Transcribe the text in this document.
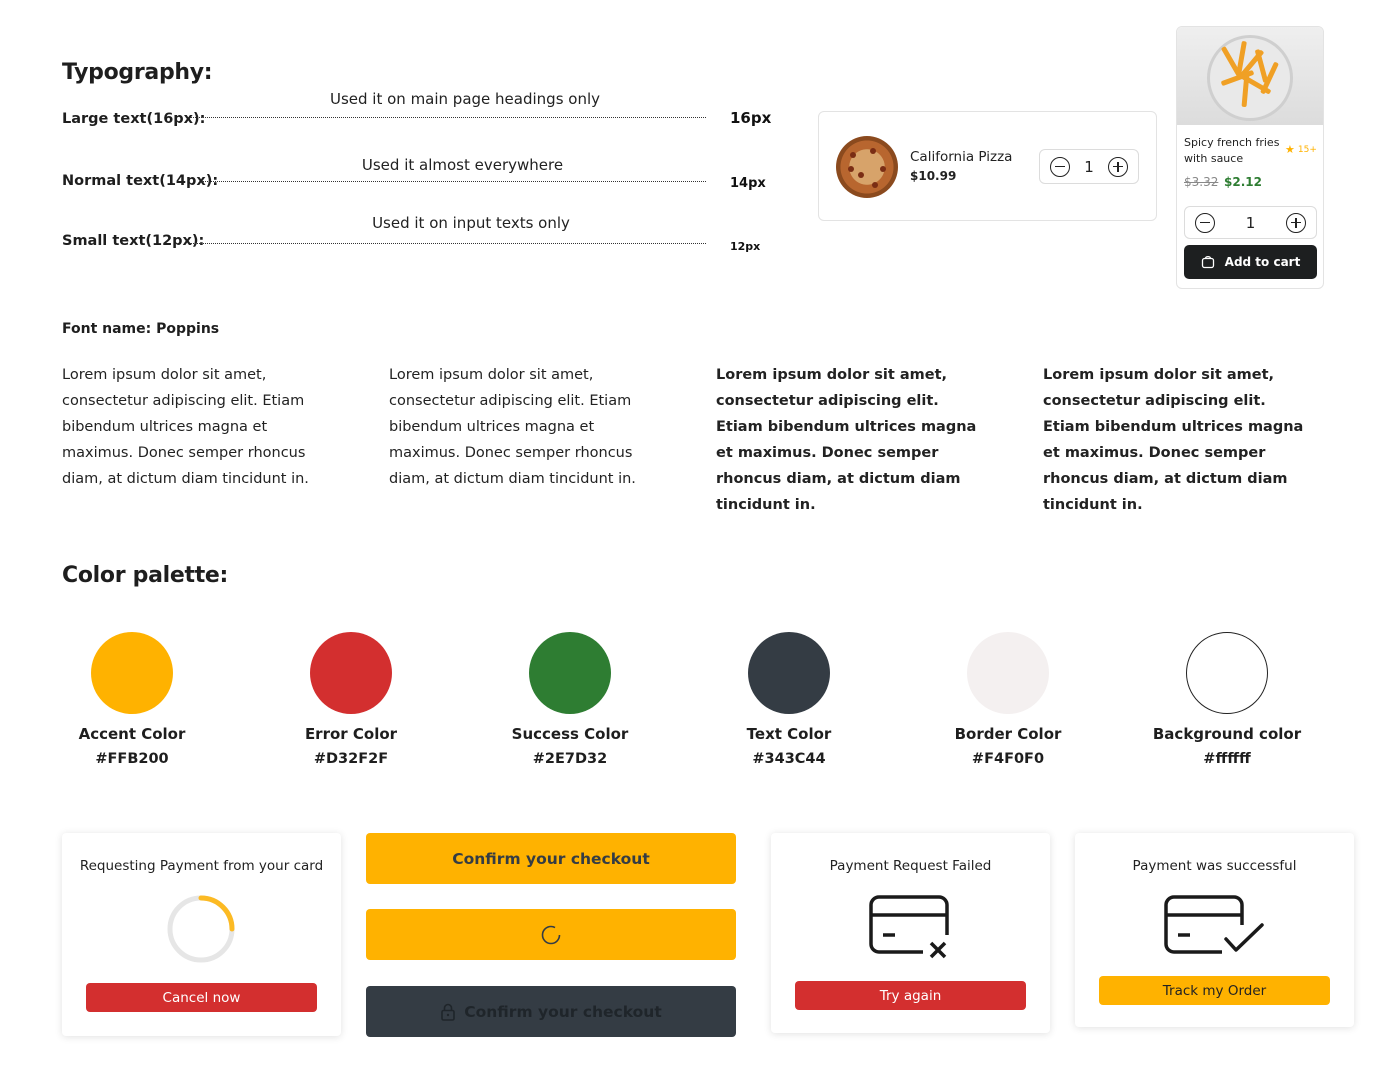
Typography:
Used it on main page headings only
Large text(16px):	16px
Used it almost everywhere
Normal text(14px):	14px
Used it on input texts only
Small text(12px):	12px
California Pizza
$10.99
1
Spicy french fries with sauce
★ 15+
$3.32 $2.12
1
Add to cart
Font name: Poppins
Lorem ipsum dolor sit amet, consectetur adipiscing elit. Etiam bibendum ultrices magna et maximus. Donec semper rhoncus diam, at dictum diam tincidunt in.
Lorem ipsum dolor sit amet, consectetur adipiscing elit. Etiam bibendum ultrices magna et maximus. Donec semper rhoncus diam, at dictum diam tincidunt in.
Lorem ipsum dolor sit amet, consectetur adipiscing elit. Etiam bibendum ultrices magna et maximus. Donec semper rhoncus diam, at dictum diam tincidunt in.
Lorem ipsum dolor sit amet, consectetur adipiscing elit. Etiam bibendum ultrices magna et maximus. Donec semper rhoncus diam, at dictum diam tincidunt in.
Color palette:
Accent Color
#FFB200
Error Color
#D32F2F
Success Color
#2E7D32
Text Color
#343C44
Border Color
#F4F0F0
Background color
#ffffff
Requesting Payment from your card
Cancel now
Confirm your checkout
Confirm your checkout
Payment Request Failed
Try again
Payment was successful
Track my Order
